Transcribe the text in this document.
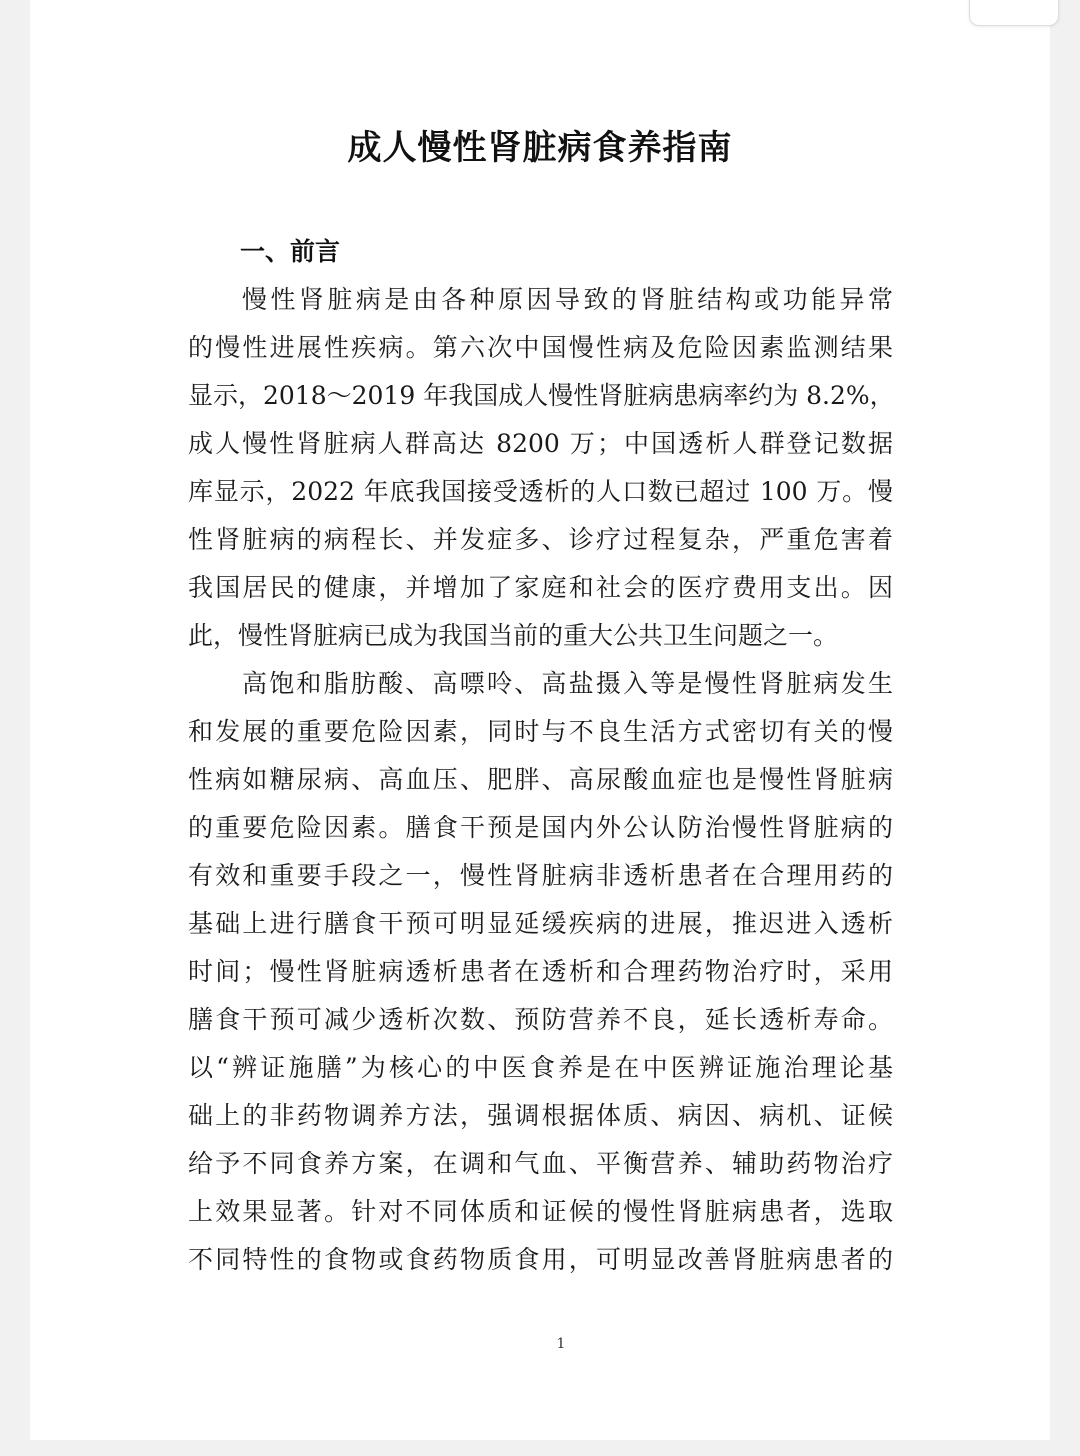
成人慢性肾脏病食养指南
一、前言
慢性肾脏病是由各种原因导致的肾脏结构或功能异常
的慢性进展性疾病。第六次中国慢性病及危险因素监测结果
显示，2018～2019 年我国成人慢性肾脏病患病率约为 8.2%，
成人慢性肾脏病人群高达 8200 万；中国透析人群登记数据
库显示，2022 年底我国接受透析的人口数已超过 100 万。慢
性肾脏病的病程长、并发症多、诊疗过程复杂，严重危害着
我国居民的健康，并增加了家庭和社会的医疗费用支出。因
此，慢性肾脏病已成为我国当前的重大公共卫生问题之一。
高饱和脂肪酸、高嘌呤、高盐摄入等是慢性肾脏病发生
和发展的重要危险因素，同时与不良生活方式密切有关的慢
性病如糖尿病、高血压、肥胖、高尿酸血症也是慢性肾脏病
的重要危险因素。膳食干预是国内外公认防治慢性肾脏病的
有效和重要手段之一，慢性肾脏病非透析患者在合理用药的
基础上进行膳食干预可明显延缓疾病的进展，推迟进入透析
时间；慢性肾脏病透析患者在透析和合理药物治疗时，采用
膳食干预可减少透析次数、预防营养不良，延长透析寿命。
以“辨证施膳”为核心的中医食养是在中医辨证施治理论基
础上的非药物调养方法，强调根据体质、病因、病机、证候
给予不同食养方案，在调和气血、平衡营养、辅助药物治疗
上效果显著。针对不同体质和证候的慢性肾脏病患者，选取
不同特性的食物或食药物质食用，可明显改善肾脏病患者的
1
